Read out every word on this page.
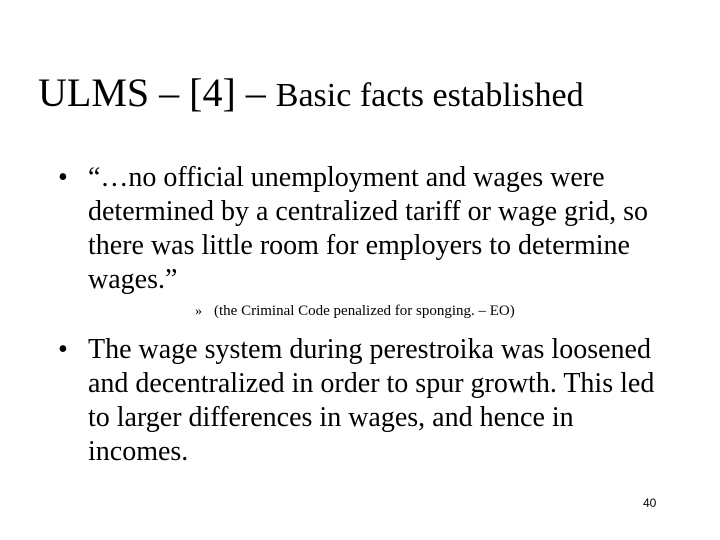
ULMS – [4] – Basic facts established
• “…no official unemployment and wages were determined by a centralized tariff or wage grid, so there was little room for employers to determine wages.”
» (the Criminal Code penalized for sponging. – EO)
• The wage system during perestroika was loosened and decentralized in order to spur growth. This led to larger differences in wages, and hence in incomes.
40
